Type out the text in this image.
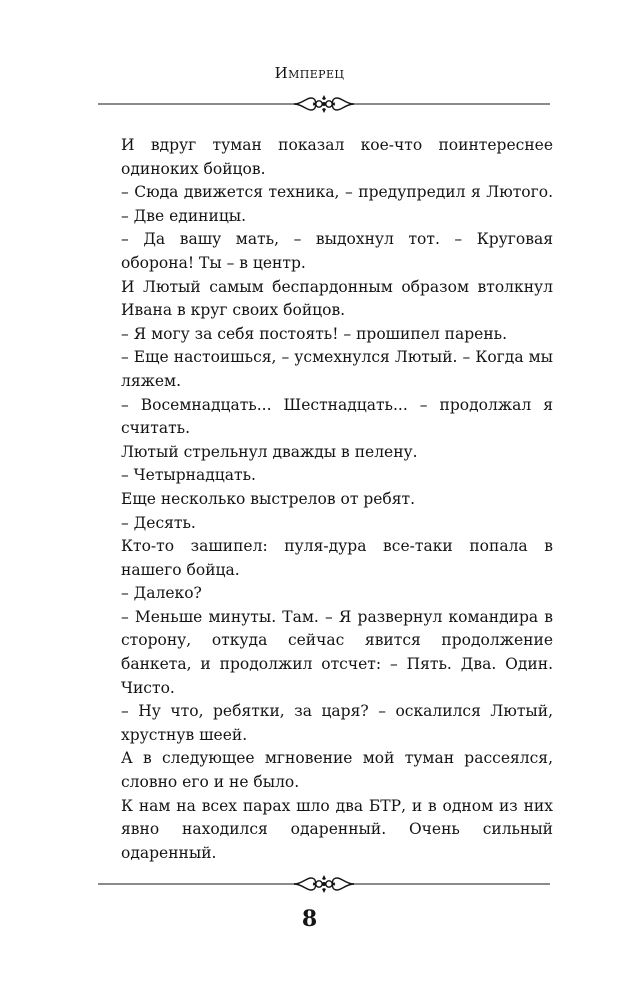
Имперец

И вдруг туман показал кое-что поинтереснее одиноких бойцов.

– Сюда движется техника, – предупредил я Лютого. – Две единицы.

– Да вашу мать, – выдохнул тот. – Круговая оборона! Ты – в центр.

И Лютый самым беспардонным образом втолкнул Ивана в круг своих бойцов.

– Я могу за себя постоять! – прошипел парень.

– Еще настоишься, – усмехнулся Лютый. – Когда мы ляжем.

– Восемнадцать... Шестнадцать... – продолжал я считать.

Лютый стрельнул дважды в пелену.

– Четырнадцать.

Еще несколько выстрелов от ребят.

– Десять.

Кто-то зашипел: пуля-дура все-таки попала в нашего бойца.

– Далеко?

– Меньше минуты. Там. – Я развернул командира в сторону, откуда сейчас явится продолжение банкета, и продолжил отсчет: – Пять. Два. Один. Чисто.

– Ну что, ребятки, за царя? – оскалился Лютый, хрустнув шеей.

А в следующее мгновение мой туман рассеялся, словно его и не было.

К нам на всех парах шло два БТР, и в одном из них явно находился одаренный. Очень сильный одаренный.

8
